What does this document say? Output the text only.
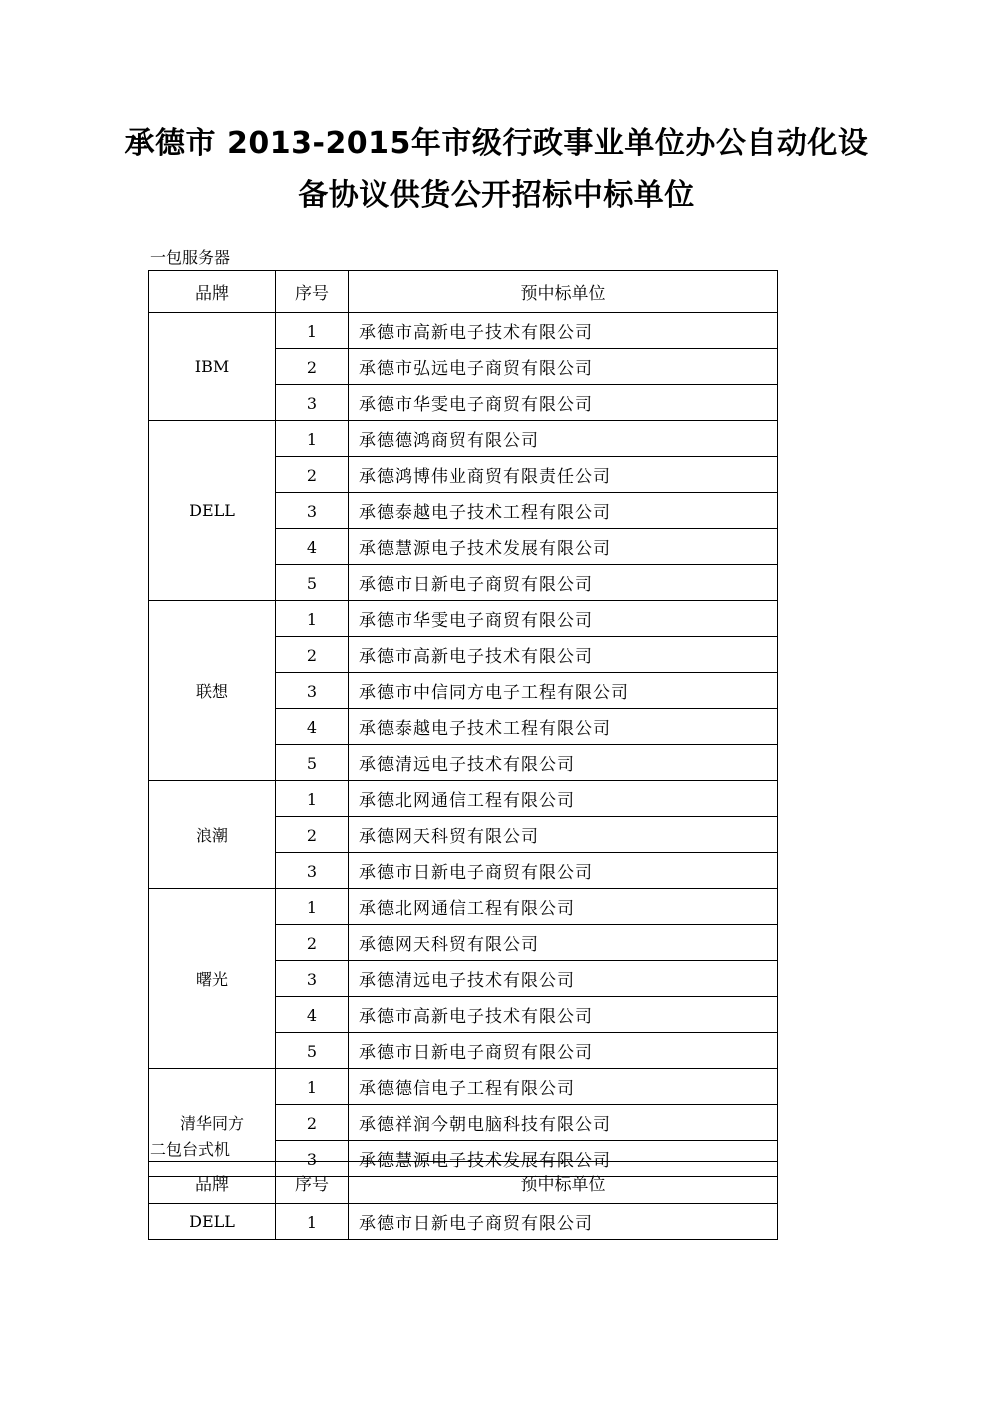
承德市 2013-2015年市级行政事业单位办公自动化设
备协议供货公开招标中标单位
一包服务器
品牌	序号	预中标单位
IBM	1	承德市高新电子技术有限公司
	2	承德市弘远电子商贸有限公司
	3	承德市华雯电子商贸有限公司
DELL	1	承德德鸿商贸有限公司
	2	承德鸿博伟业商贸有限责任公司
	3	承德泰越电子技术工程有限公司
	4	承德慧源电子技术发展有限公司
	5	承德市日新电子商贸有限公司
联想	1	承德市华雯电子商贸有限公司
	2	承德市高新电子技术有限公司
	3	承德市中信同方电子工程有限公司
	4	承德泰越电子技术工程有限公司
	5	承德清远电子技术有限公司
浪潮	1	承德北网通信工程有限公司
	2	承德网天科贸有限公司
	3	承德市日新电子商贸有限公司
曙光	1	承德北网通信工程有限公司
	2	承德网天科贸有限公司
	3	承德清远电子技术有限公司
	4	承德市高新电子技术有限公司
	5	承德市日新电子商贸有限公司
清华同方	1	承德德信电子工程有限公司
	2	承德祥润今朝电脑科技有限公司
	3	承德慧源电子技术发展有限公司
二包台式机
品牌	序号	预中标单位
DELL	1	承德市日新电子商贸有限公司
